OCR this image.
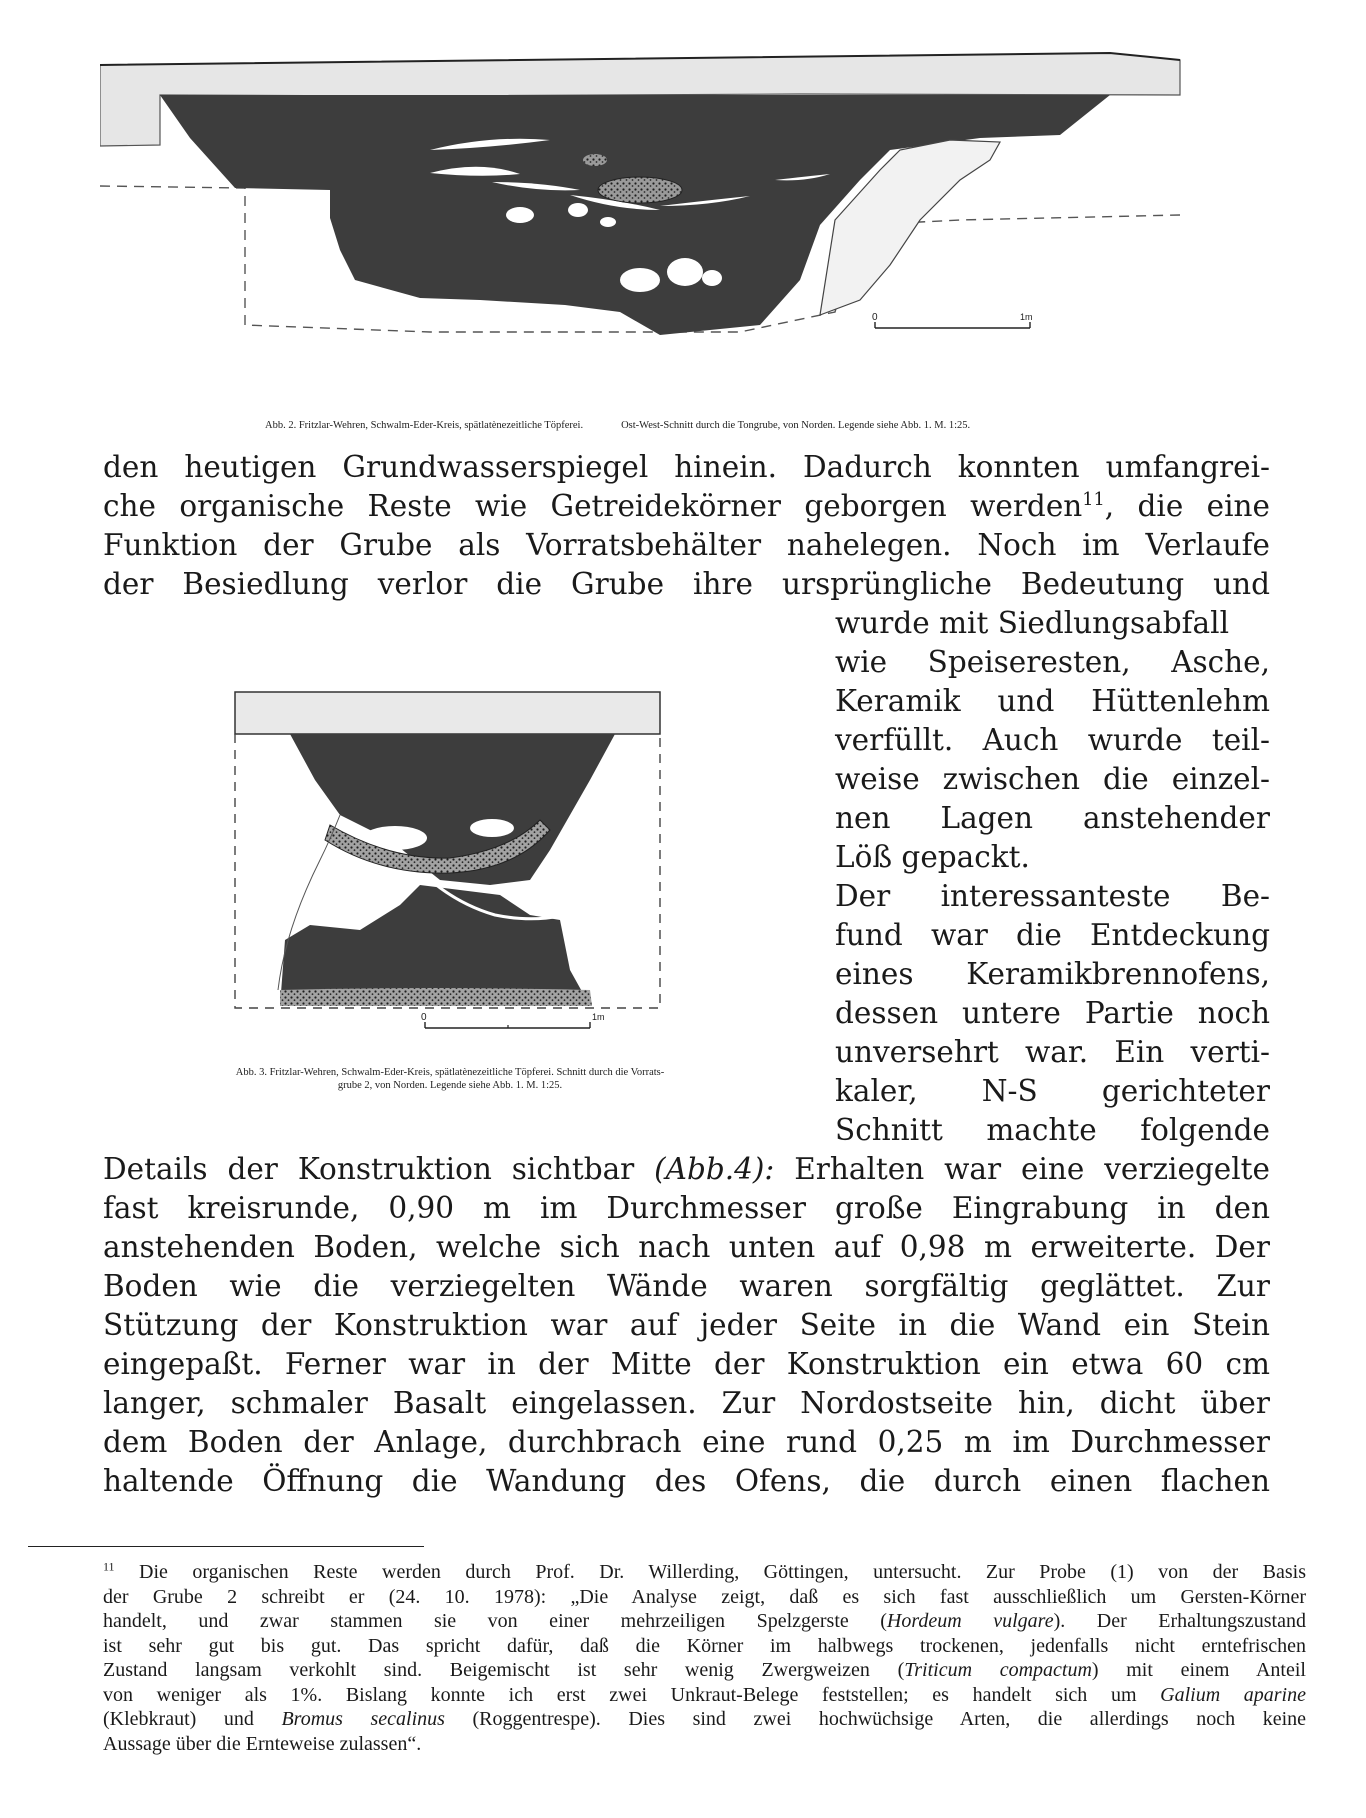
0	1m
Abb. 2. Fritzlar-Wehren, Schwalm-Eder-Kreis, spätlatènezeitliche Töpferei.	Ost-West-Schnitt durch die Tongrube, von Norden. Legende siehe Abb. 1. M. 1:25.
den heutigen Grundwasserspiegel hinein. Dadurch konnten umfangrei-
che organische Reste wie Getreidekörner geborgen werden$^{11}$, die eine
Funktion der Grube als Vorratsbehälter nahelegen. Noch im Verlaufe
der Besiedlung verlor die Grube ihre ursprüngliche Bedeutung und
wurde mit Siedlungsabfall
wie Speiseresten, Asche,
Keramik und Hüttenlehm
verfüllt. Auch wurde teil-
weise zwischen die einzel-
nen Lagen anstehender
Löß gepackt.
Der interessanteste Be-
fund war die Entdeckung
eines Keramikbrennofens,
dessen untere Partie noch
unversehrt war. Ein verti-
kaler, N-S gerichteter
Schnitt machte folgende
Details der Konstruktion sichtbar (Abb.4): Erhalten war eine verziegelte
fast kreisrunde, 0,90 m im Durchmesser große Eingrabung in den
anstehenden Boden, welche sich nach unten auf 0,98 m erweiterte. Der
Boden wie die verziegelten Wände waren sorgfältig geglättet. Zur
Stützung der Konstruktion war auf jeder Seite in die Wand ein Stein
eingepaßt. Ferner war in der Mitte der Konstruktion ein etwa 60 cm
langer, schmaler Basalt eingelassen. Zur Nordostseite hin, dicht über
dem Boden der Anlage, durchbrach eine rund 0,25 m im Durchmesser
haltende Öffnung die Wandung des Ofens, die durch einen flachen
0	1m
Abb. 3. Fritzlar-Wehren, Schwalm-Eder-Kreis, spätlatènezeitliche Töpferei. Schnitt durch die Vorrats-
grube 2, von Norden. Legende siehe Abb. 1. M. 1:25.
$^{11}$ Die organischen Reste werden durch Prof. Dr. Willerding, Göttingen, untersucht. Zur Probe (1) von der Basis
der Grube 2 schreibt er (24. 10. 1978): „Die Analyse zeigt, daß es sich fast ausschließlich um Gersten-Körner
handelt, und zwar stammen sie von einer mehrzeiligen Spelzgerste (Hordeum vulgare). Der Erhaltungszustand
ist sehr gut bis gut. Das spricht dafür, daß die Körner im halbwegs trockenen, jedenfalls nicht erntefrischen
Zustand langsam verkohlt sind. Beigemischt ist sehr wenig Zwergweizen (Triticum compactum) mit einem Anteil
von weniger als 1%. Bislang konnte ich erst zwei Unkraut-Belege feststellen; es handelt sich um Galium aparine
(Klebkraut) und Bromus secalinus (Roggentrespe). Dies sind zwei hochwüchsige Arten, die allerdings noch keine
Aussage über die Ernteweise zulassen“.
